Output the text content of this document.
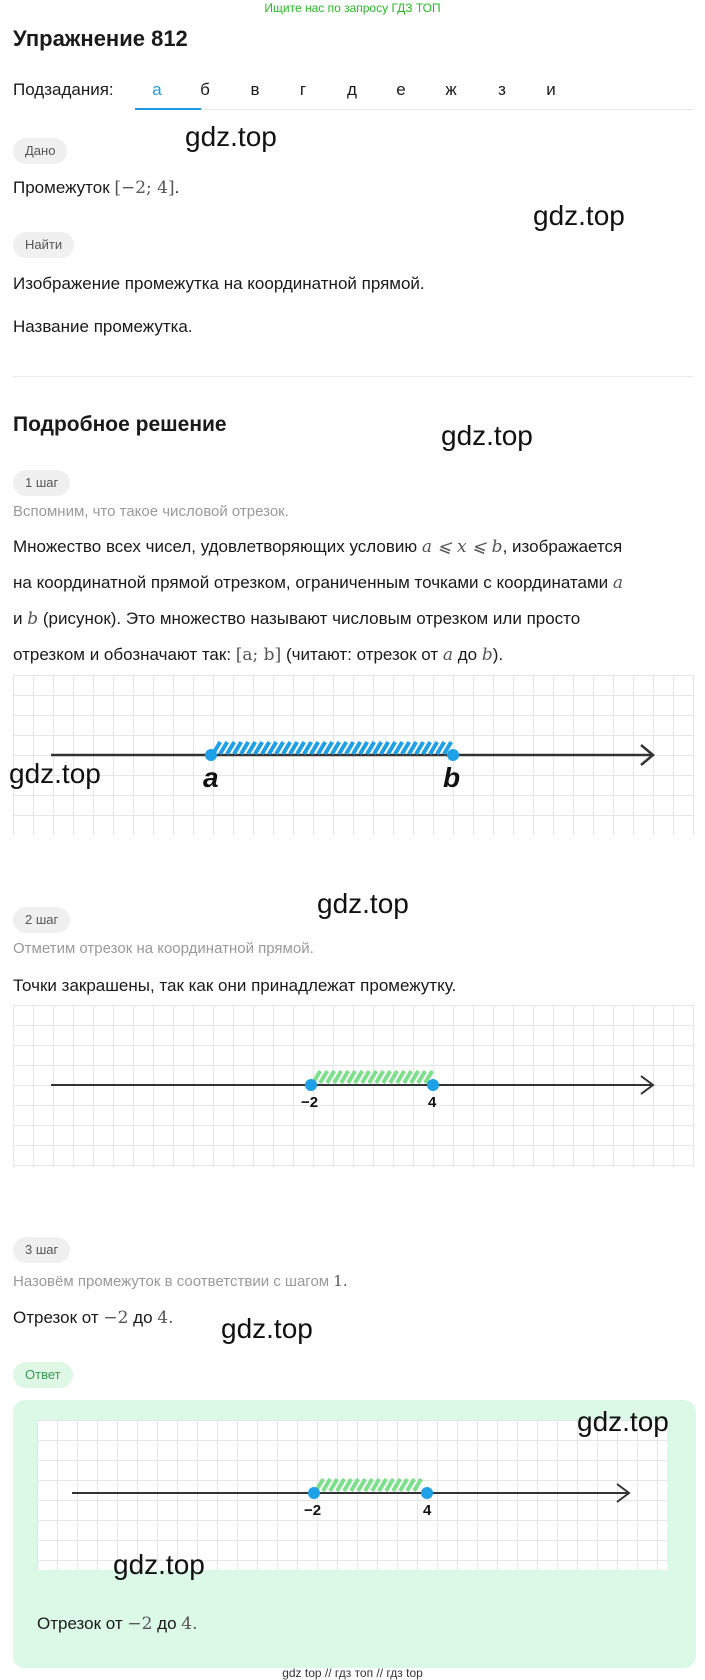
Ищите нас по запросу ГДЗ ТОП
Упражнение 812
Подзадания:	а	б	в	г	д	е	ж	з	и
Дано
Промежуток [−2; 4].
Найти
Изображение промежутка на координатной прямой.
Название промежутка.
Подробное решение
1 шаг
Вспомним, что такое числовой отрезок.
Множество всех чисел, удовлетворяющих условию a ⩽ x ⩽ b, изображается
на координатной прямой отрезком, ограниченным точками с координатами a
и b (рисунок). Это множество называют числовым отрезком или просто
отрезком и обозначают так: [a; b] (читают: отрезок от a до b).
a	b
2 шаг
Отметим отрезок на координатной прямой.
Точки закрашены, так как они принадлежат промежутку.
−2	4
3 шаг
Назовём промежуток в соответствии с шагом 1.
Отрезок от −2 до 4.
Ответ
−2	4
Отрезок от −2 до 4.
gdz.top
gdz.top
gdz.top
gdz.top
gdz.top
gdz.top
gdz.top
gdz.top
gdz top // гдз топ // гдз top
